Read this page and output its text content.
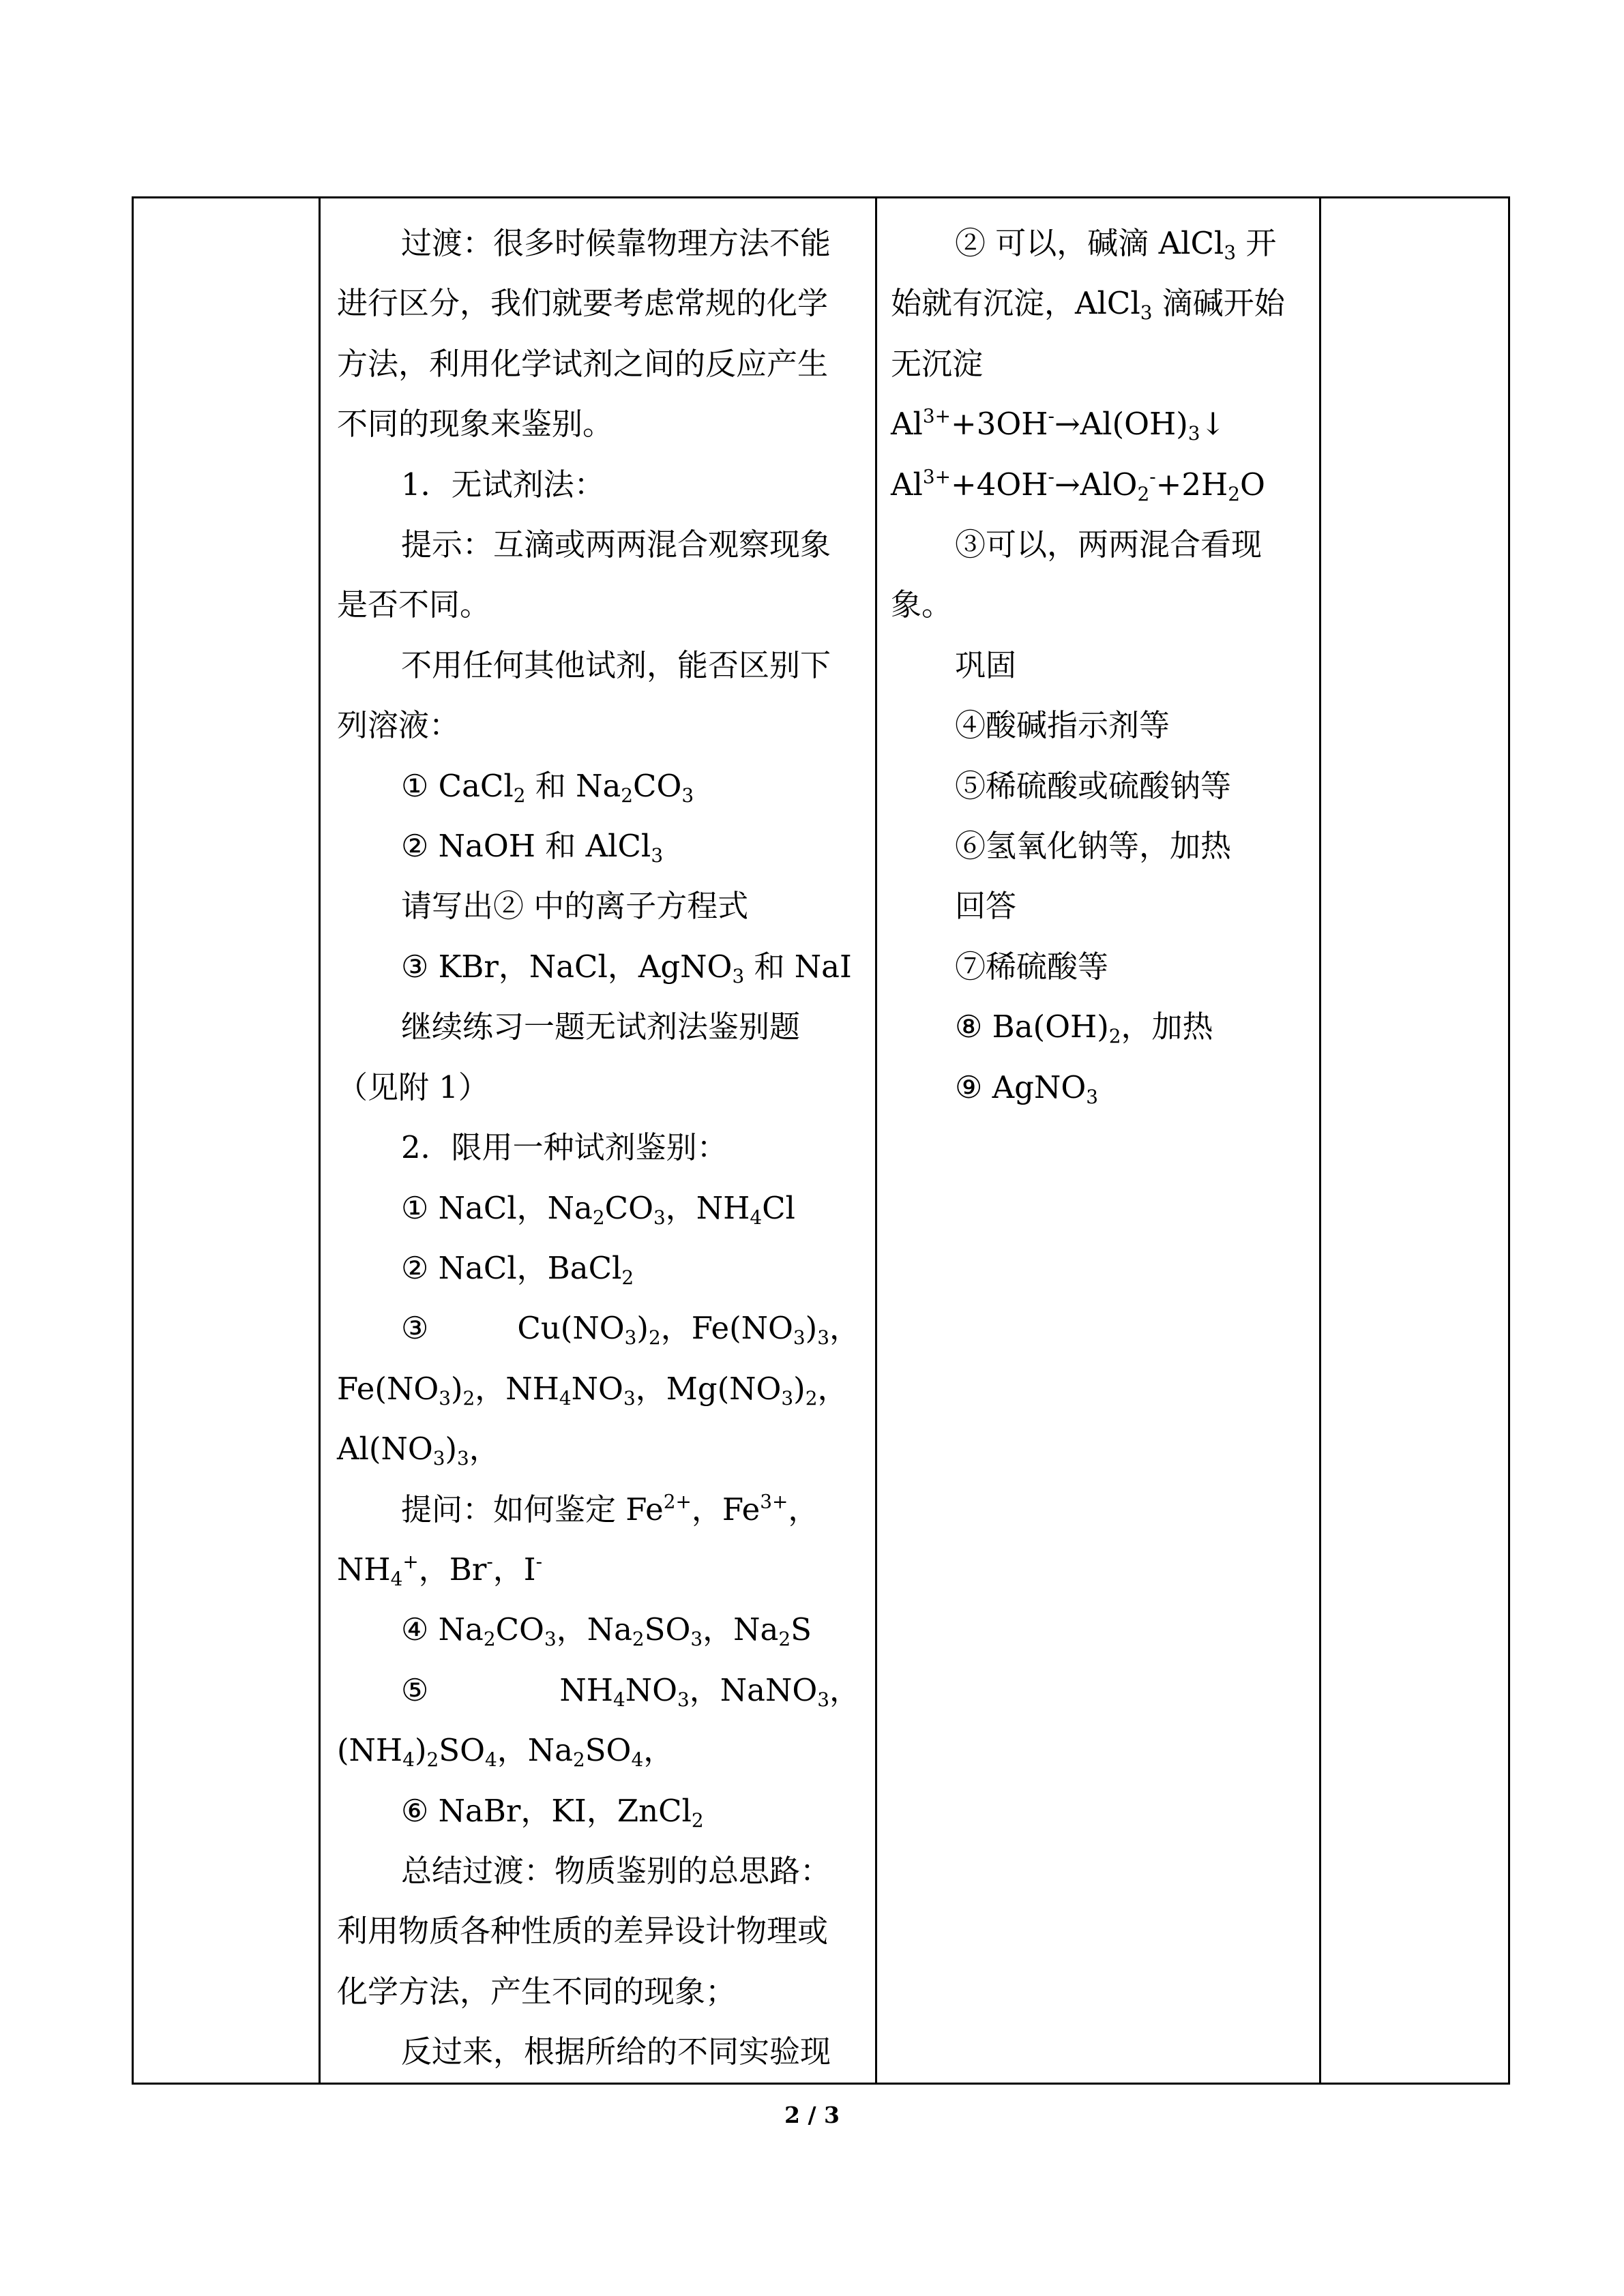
过渡：很多时候靠物理方法不能

进行区分，我们就要考虑常规的化学

方法，利用化学试剂之间的反应产生

不同的现象来鉴别。

1．无试剂法：

提示：互滴或两两混合观察现象

是否不同。

不用任何其他试剂，能否区别下

列溶液：

① CaCl$_2$ 和 $Na_2CO_3$

② NaOH 和 AlCl$_3$

请写出② 中的离子方程式

③ KBr，NaCl，AgNO$_3$ 和 NaI

继续练习一题无试剂法鉴别题

（见附 1）

2．限用一种试剂鉴别：

① NaCl，$Na_2CO_3$，$NH_4Cl$

② NaCl，BaCl$_2$

③	$Cu(NO_3)_2$，$Fe(NO_3)_3$，

$Fe(NO_3)_2$，$NH_4NO_3$，$Mg(NO_3)_2$，

$Al(NO_3)_3$，

提问：如何鉴定 $Fe^{2+}$，$Fe^{3+}$，

$NH_4^+$，Br-，I-

④ $Na_2CO_3$，$Na_2SO_3$，$Na_2S$

⑤	$NH_4NO_3$，NaNO$_3$，

$(NH_4)_2SO_4$，$Na_2SO_4$，

⑥ NaBr，KI，ZnCl$_2$

总结过渡：物质鉴别的总思路：

利用物质各种性质的差异设计物理或

化学方法，产生不同的现象；

反过来，根据所给的不同实验现

② 可以，碱滴 AlCl$_3$ 开

始就有沉淀，AlCl$_3$ 滴碱开始

无沉淀

$Al^{3+}+3OH^-\to Al(OH)_3↓$

$Al^{3+}+4OH^-\to AlO_2^-+2H_2O$

③可以，两两混合看现

象。

巩固

④酸碱指示剂等

⑤稀硫酸或硫酸钠等

⑥氢氧化钠等，加热

回答

⑦稀硫酸等

⑧ $Ba(OH)_2$，加热

⑨ AgNO$_3$

2 / 3
